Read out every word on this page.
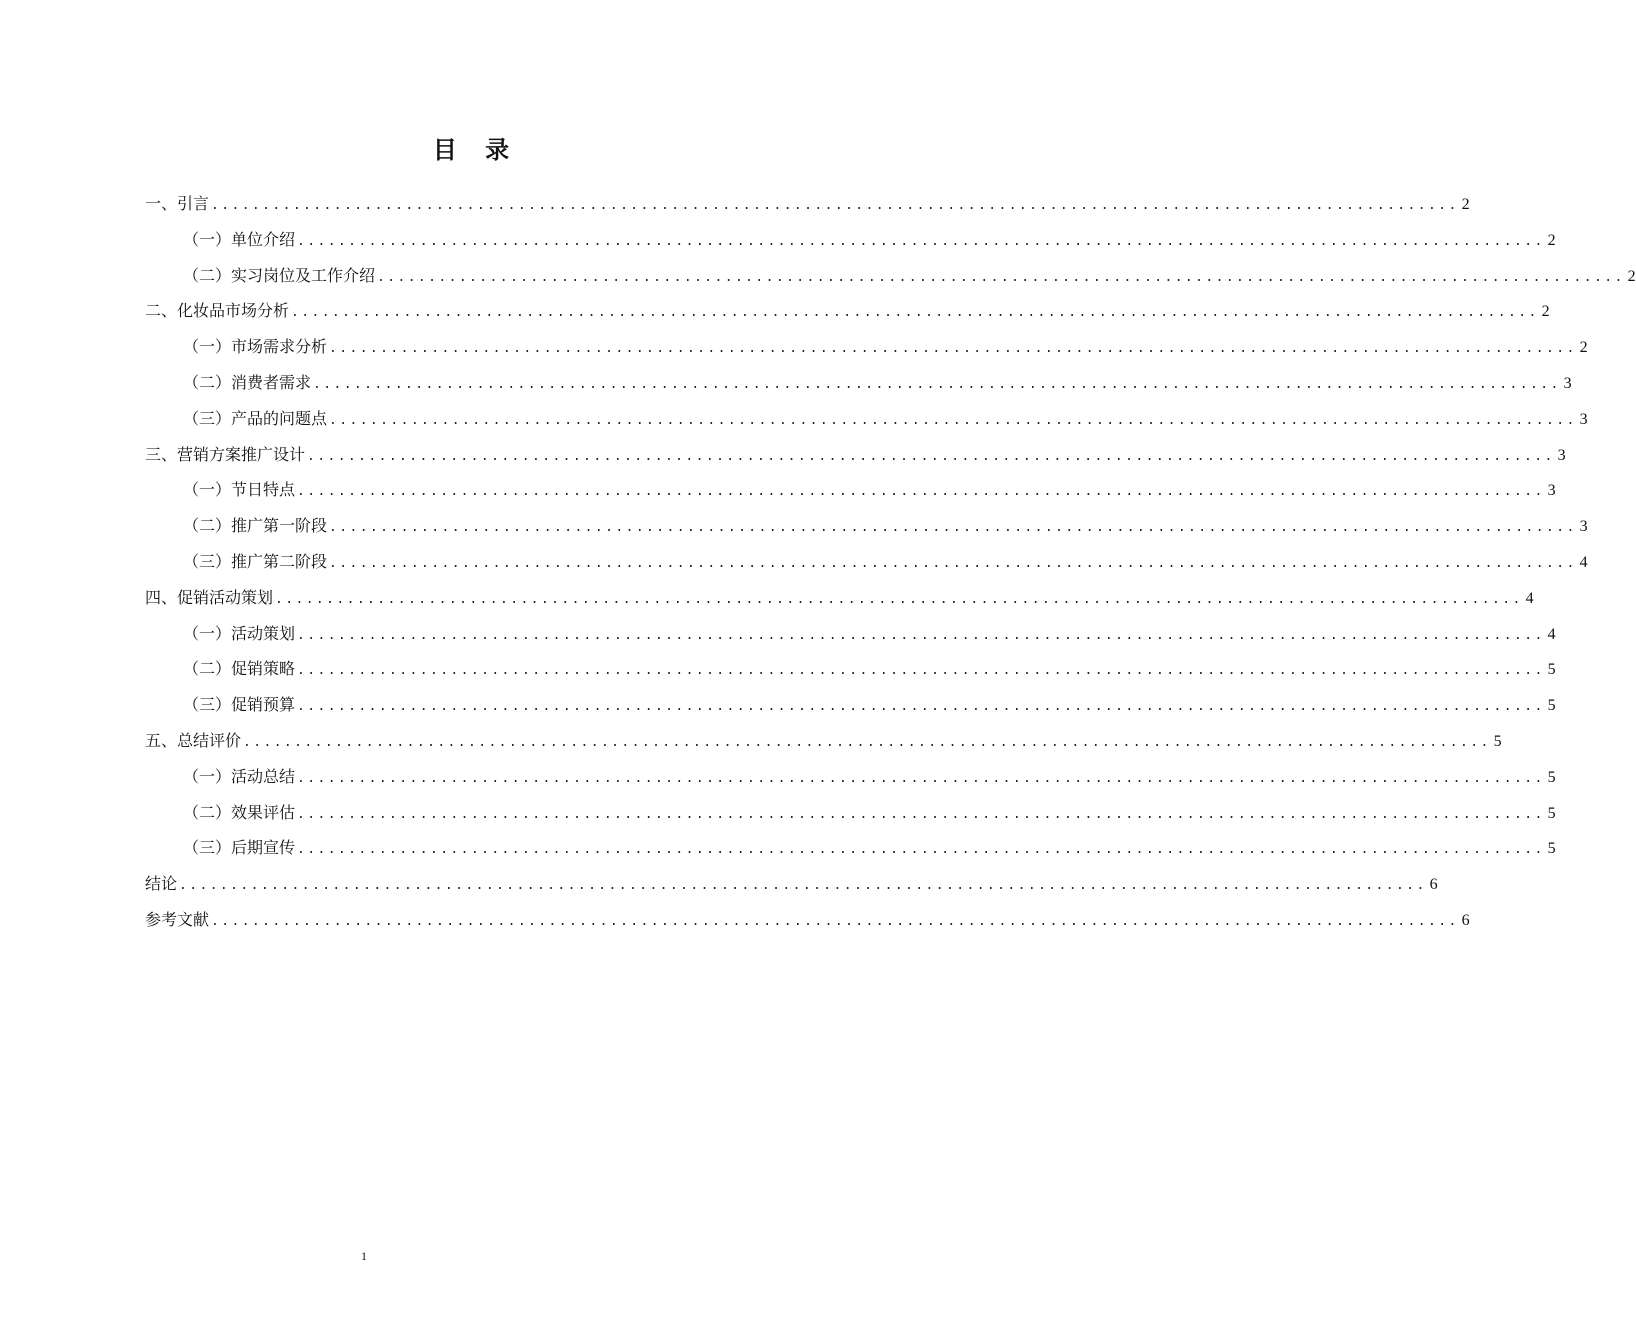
目 录
一、引言 .......................................................................................................................... 2
（一）单位介绍 .......................................................................................................................... 2
（二）实习岗位及工作介绍 .......................................................................................................................... 2
二、化妆品市场分析 .......................................................................................................................... 2
（一）市场需求分析 .......................................................................................................................... 2
（二）消费者需求 .......................................................................................................................... 3
（三）产品的问题点 .......................................................................................................................... 3
三、营销方案推广设计 .......................................................................................................................... 3
（一）节日特点 .......................................................................................................................... 3
（二）推广第一阶段 .......................................................................................................................... 3
（三）推广第二阶段 .......................................................................................................................... 4
四、促销活动策划 .......................................................................................................................... 4
（一）活动策划 .......................................................................................................................... 4
（二）促销策略 .......................................................................................................................... 5
（三）促销预算 .......................................................................................................................... 5
五、总结评价 .......................................................................................................................... 5
（一）活动总结 .......................................................................................................................... 5
（二）效果评估 .......................................................................................................................... 5
（三）后期宣传 .......................................................................................................................... 5
结论 .......................................................................................................................... 6
参考文献 .......................................................................................................................... 6
1
